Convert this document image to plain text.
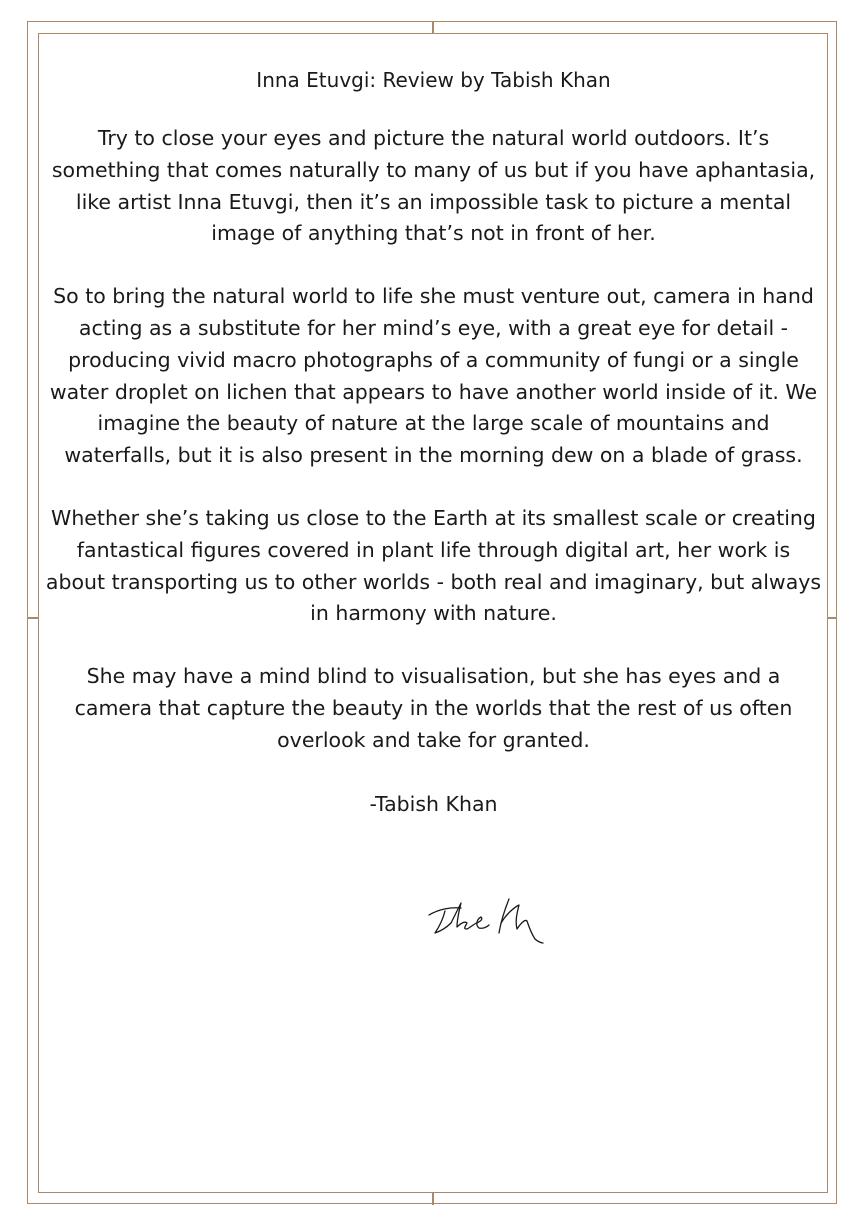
Inna Etuvgi: Review by Tabish Khan

Try to close your eyes and picture the natural world outdoors. It’s something that comes naturally to many of us but if you have aphantasia, like artist Inna Etuvgi, then it’s an impossible task to picture a mental image of anything that’s not in front of her.

So to bring the natural world to life she must venture out, camera in hand acting as a substitute for her mind’s eye, with a great eye for detail - producing vivid macro photographs of a community of fungi or a single water droplet on lichen that appears to have another world inside of it. We imagine the beauty of nature at the large scale of mountains and waterfalls, but it is also present in the morning dew on a blade of grass.

Whether she’s taking us close to the Earth at its smallest scale or creating fantastical figures covered in plant life through digital art, her work is about transporting us to other worlds - both real and imaginary, but always in harmony with nature.

She may have a mind blind to visualisation, but she has eyes and a camera that capture the beauty in the worlds that the rest of us often overlook and take for granted.

-Tabish Khan
